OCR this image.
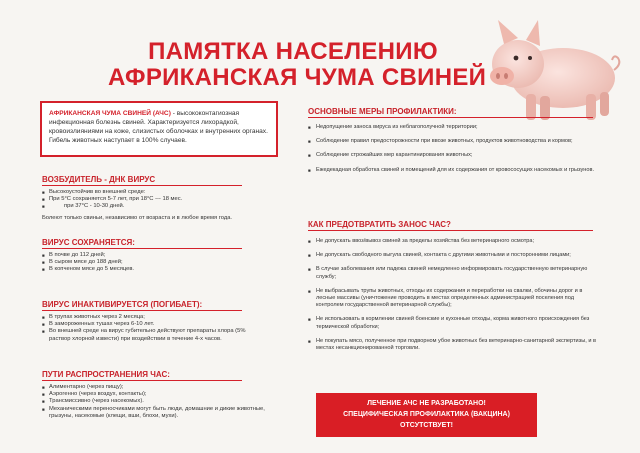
ПАМЯТКА НАСЕЛЕНИЮ
АФРИКАНСКАЯ ЧУМА СВИНЕЙ
АФРИКАНСКАЯ ЧУМА СВИНЕЙ (АЧС) - высококонтагиозная инфекционная болезнь свиней. Характеризуется лихорадкой, кровоизлияниями на коже, слизистых оболочках и внутренних органах. Гибель животных наступает в 100% случаев.
ВОЗБУДИТЕЛЬ - ДНК ВИРУС
■ Высокоустойчив во внешней среде:
■ При 5°С сохраняется 5-7 лет, при 18°С --- 18 мес.
■ при 37°С - 10-30 дней.
Болеют только свиньи, независимо от возраста и в любое время года.
ВИРУС СОХРАНЯЕТСЯ:
■ В почве до 112 дней;
■ В сыром мясе до 188 дней;
■ В копченом мясе до 5 месяцев.
ВИРУС ИНАКТИВИРУЕТСЯ (ПОГИБАЕТ):
■ В трупах животных через 2 месяца;
■ В замороженных тушах через 6-10 лет.
■ Во внешней среде на вирус губительно действуют препараты хлора (5% раствор хлорной извести) при воздействии в течение 4-х часов.
ПУТИ РАСПРОСТРАНЕНИЯ ЧАС:
■ Алиментарно (через пищу);
■ Аэрогенно (через воздух, контакты);
■ Трансмиссивно (через насекомых).
■ Механическими переносчиками могут быть люди, домашние и дикие животные, грызуны, насекомые (клещи, вши, блохи, мухи).
ОСНОВНЫЕ МЕРЫ ПРОФИЛАКТИКИ:
■ Недопущение заноса вируса из неблагополучной территории;
■ Соблюдение правил предосторожности при ввозе животных, продуктов животноводства и кормов;
■ Соблюдение строжайших мер карантинирования животных;
■ Ежедекадная обработка свиней и помещений для их содержания от кровососущих насекомых и грызунов.
КАК ПРЕДОТВРАТИТЬ ЗАНОС ЧАС?
■ Не допускать ввоз/вывоз свиней за пределы хозяйства без ветеринарного осмотра;
■ Не допускать свободного выгула свиней, контакта с другими животными и посторонними лицами;
■ В случае заболевания или падежа свиней немедленно информировать государственную ветеринарную службу;
■ Не выбрасывать трупы животных, отходы их содержания и переработки на свалки, обочины дорог и в лесные массивы (уничтожение проводить в местах определенных администрацией поселения под контролем государственной ветеринарной службы);
■ Не использовать в кормлении свиней боенские и кухонные отходы, корма животного происхождения без термической обработки;
■ Не покупать мясо, полученное при подворном убое животных без ветеринарно-санитарной экспертизы, и в местах несанкционированной торговли.
ЛЕЧЕНИЕ АЧС НЕ РАЗРАБОТАНО!
СПЕЦИФИЧЕСКАЯ ПРОФИЛАКТИКА (ВАКЦИНА)
ОТСУТСТВУЕТ!
